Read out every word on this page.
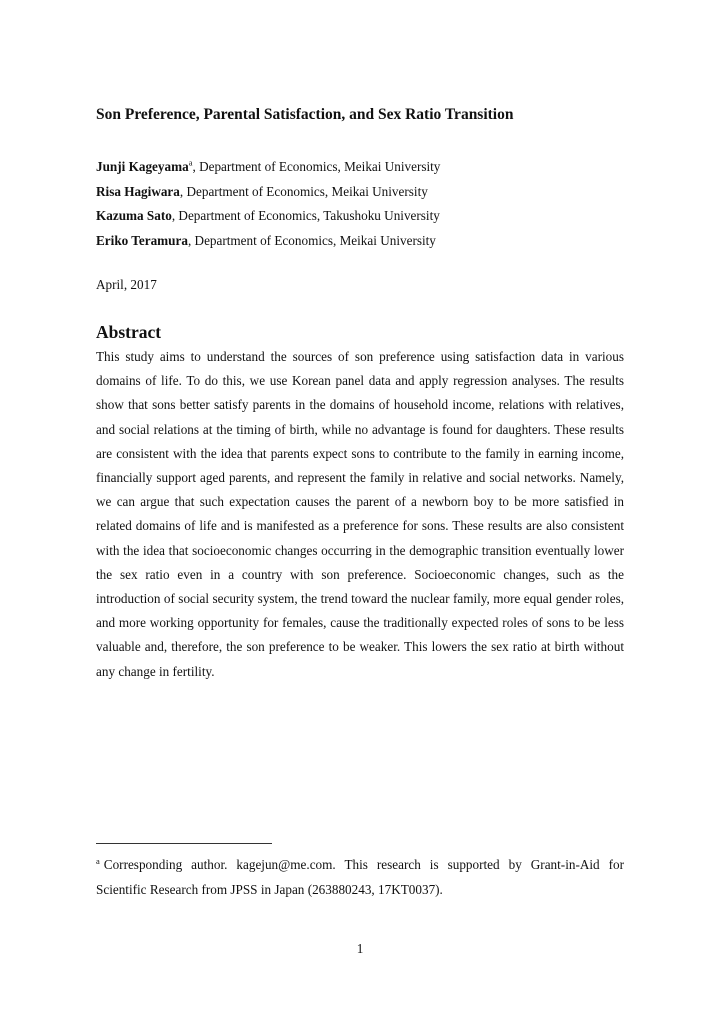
Son Preference, Parental Satisfaction, and Sex Ratio Transition
Junji Kageyama$^a$, Department of Economics, Meikai University
Risa Hagiwara, Department of Economics, Meikai University
Kazuma Sato, Department of Economics, Takushoku University
Eriko Teramura, Department of Economics, Meikai University
April, 2017
Abstract
This study aims to understand the sources of son preference using satisfaction data in various domains of life. To do this, we use Korean panel data and apply regression analyses. The results show that sons better satisfy parents in the domains of household income, relations with relatives, and social relations at the timing of birth, while no advantage is found for daughters. These results are consistent with the idea that parents expect sons to contribute to the family in earning income, financially support aged parents, and represent the family in relative and social networks. Namely, we can argue that such expectation causes the parent of a newborn boy to be more satisfied in related domains of life and is manifested as a preference for sons. These results are also consistent with the idea that socioeconomic changes occurring in the demographic transition eventually lower the sex ratio even in a country with son preference. Socioeconomic changes, such as the introduction of social security system, the trend toward the nuclear family, more equal gender roles, and more working opportunity for females, cause the traditionally expected roles of sons to be less valuable and, therefore, the son preference to be weaker. This lowers the sex ratio at birth without any change in fertility.
$^a$ Corresponding author. kagejun@me.com. This research is supported by Grant-in-Aid for Scientific Research from JPSS in Japan (263880243, 17KT0037).
1
